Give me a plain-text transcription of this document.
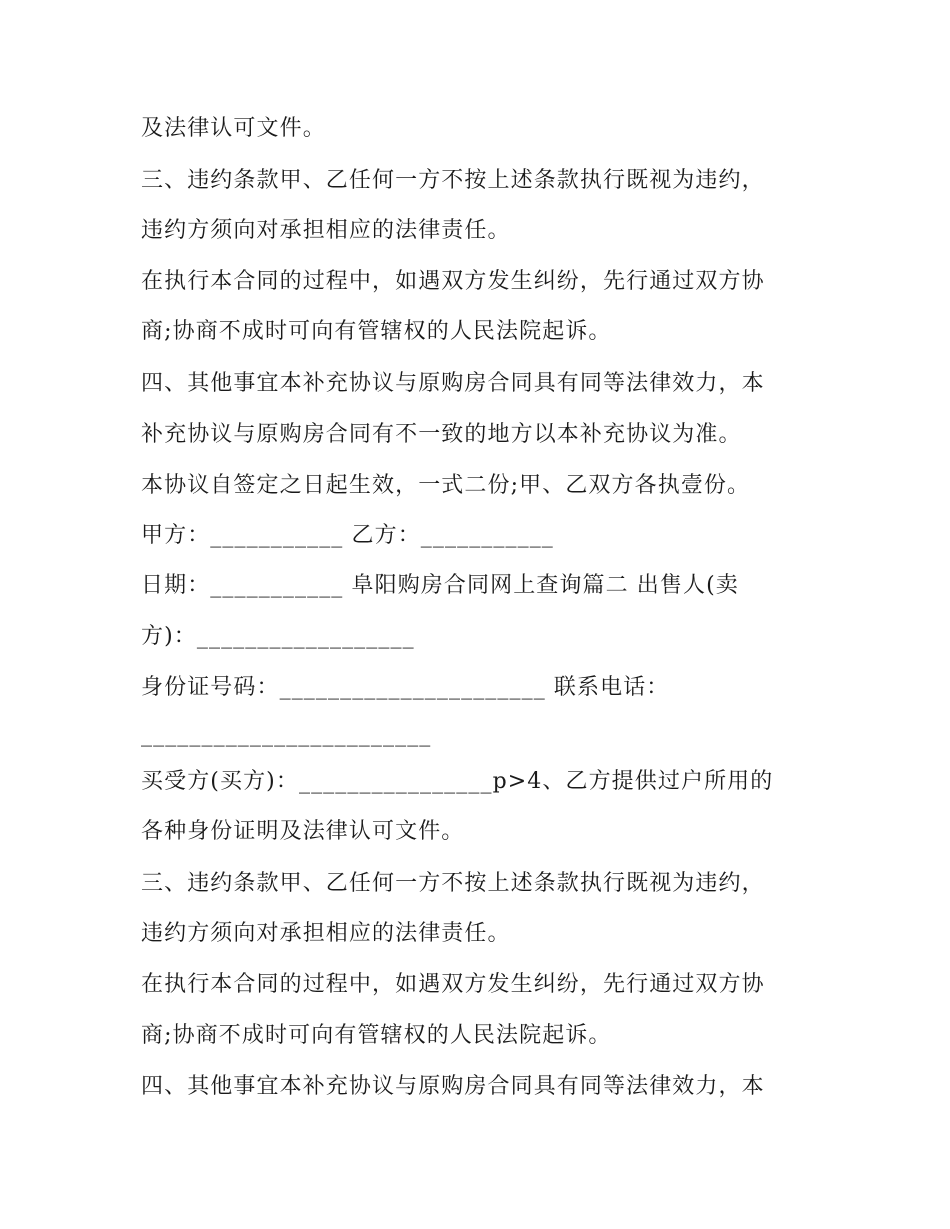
及法律认可文件。
三、违约条款甲、乙任何一方不按上述条款执行既视为违约，
违约方须向对承担相应的法律责任。
在执行本合同的过程中，如遇双方发生纠纷，先行通过双方协
商;协商不成时可向有管辖权的人民法院起诉。
四、其他事宜本补充协议与原购房合同具有同等法律效力，本
补充协议与原购房合同有不一致的地方以本补充协议为准。
本协议自签定之日起生效，一式二份;甲、乙双方各执壹份。
甲方：___________ 乙方：___________
日期：___________ 阜阳购房合同网上查询篇二 出售人(卖
方)：__________________
身份证号码：______________________ 联系电话：
________________________
买受方(买方)：________________p>4、乙方提供过户所用的
各种身份证明及法律认可文件。
三、违约条款甲、乙任何一方不按上述条款执行既视为违约，
违约方须向对承担相应的法律责任。
在执行本合同的过程中，如遇双方发生纠纷，先行通过双方协
商;协商不成时可向有管辖权的人民法院起诉。
四、其他事宜本补充协议与原购房合同具有同等法律效力，本
